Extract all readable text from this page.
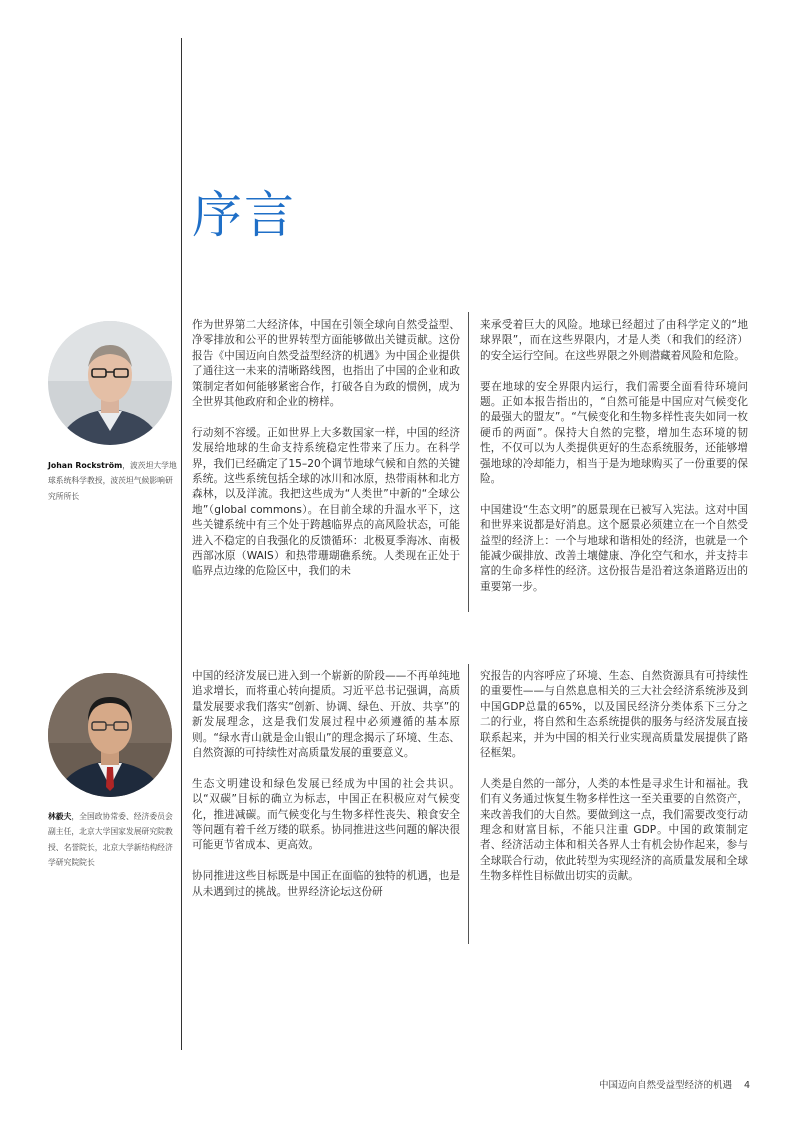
序言
Johan Rockström，波茨坦大学地球系统科学教授，波茨坦气候影响研究所所长

作为世界第二大经济体，中国在引领全球向自然受益型、净零排放和公平的世界转型方面能够做出关键贡献。这份报告《中国迈向自然受益型经济的机遇》为中国企业提供了通往这一未来的清晰路线图，也指出了中国的企业和政策制定者如何能够紧密合作，打破各自为政的惯例，成为全世界其他政府和企业的榜样。

行动刻不容缓。正如世界上大多数国家一样，中国的经济发展给地球的生命支持系统稳定性带来了压力。在科学界，我们已经确定了15–20个调节地球气候和自然的关键系统。这些系统包括全球的冰川和冰原，热带雨林和北方森林，以及洋流。我把这些成为“人类世”中新的“全球公地”（global commons）。在目前全球的升温水平下，这些关键系统中有三个处于跨越临界点的高风险状态，可能进入不稳定的自我强化的反馈循环：北极夏季海冰、南极西部冰原（WAIS）和热带珊瑚礁系统。人类现在正处于临界点边缘的危险区中，我们的未

来承受着巨大的风险。地球已经超过了由科学定义的“地球界限”，而在这些界限内，才是人类（和我们的经济）的安全运行空间。在这些界限之外则潜藏着风险和危险。

要在地球的安全界限内运行，我们需要全面看待环境问题。正如本报告指出的，“自然可能是中国应对气候变化的最强大的盟友”。“气候变化和生物多样性丧失如同一枚硬币的两面”。保持大自然的完整，增加生态环境的韧性，不仅可以为人类提供更好的生态系统服务，还能够增强地球的冷却能力，相当于是为地球购买了一份重要的保险。

中国建设“生态文明”的愿景现在已被写入宪法。这对中国和世界来说都是好消息。这个愿景必须建立在一个自然受益型的经济上：一个与地球和谐相处的经济，也就是一个能减少碳排放、改善土壤健康、净化空气和水，并支持丰富的生命多样性的经济。这份报告是沿着这条道路迈出的重要第一步。

林毅夫，全国政协常委、经济委员会副主任，北京大学国家发展研究院教授、名誉院长，北京大学新结构经济学研究院院长

中国的经济发展已进入到一个崭新的阶段——不再单纯地追求增长，而将重心转向提质。习近平总书记强调，高质量发展要求我们落实“创新、协调、绿色、开放、共享”的新发展理念，这是我们发展过程中必须遵循的基本原则。“绿水青山就是金山银山”的理念揭示了环境、生态、自然资源的可持续性对高质量发展的重要意义。

生态文明建设和绿色发展已经成为中国的社会共识。以“双碳”目标的确立为标志，中国正在积极应对气候变化，推进减碳。而气候变化与生物多样性丧失、粮食安全等问题有着千丝万缕的联系。协同推进这些问题的解决很可能更节省成本、更高效。

协同推进这些目标既是中国正在面临的独特的机遇，也是从未遇到过的挑战。世界经济论坛这份研

究报告的内容呼应了环境、生态、自然资源具有可持续性的重要性——与自然息息相关的三大社会经济系统涉及到中国GDP总量的65%，以及国民经济分类体系下三分之二的行业，将自然和生态系统提供的服务与经济发展直接联系起来，并为中国的相关行业实现高质量发展提供了路径框架。

人类是自然的一部分，人类的本性是寻求生计和福祉。我们有义务通过恢复生物多样性这一至关重要的自然资产，来改善我们的大自然。要做到这一点，我们需要改变行动理念和财富目标，不能只注重 GDP。中国的政策制定者、经济活动主体和相关各界人士有机会协作起来，参与全球联合行动，依此转型为实现经济的高质量发展和全球生物多样性目标做出切实的贡献。

中国迈向自然受益型经济的机遇 4
